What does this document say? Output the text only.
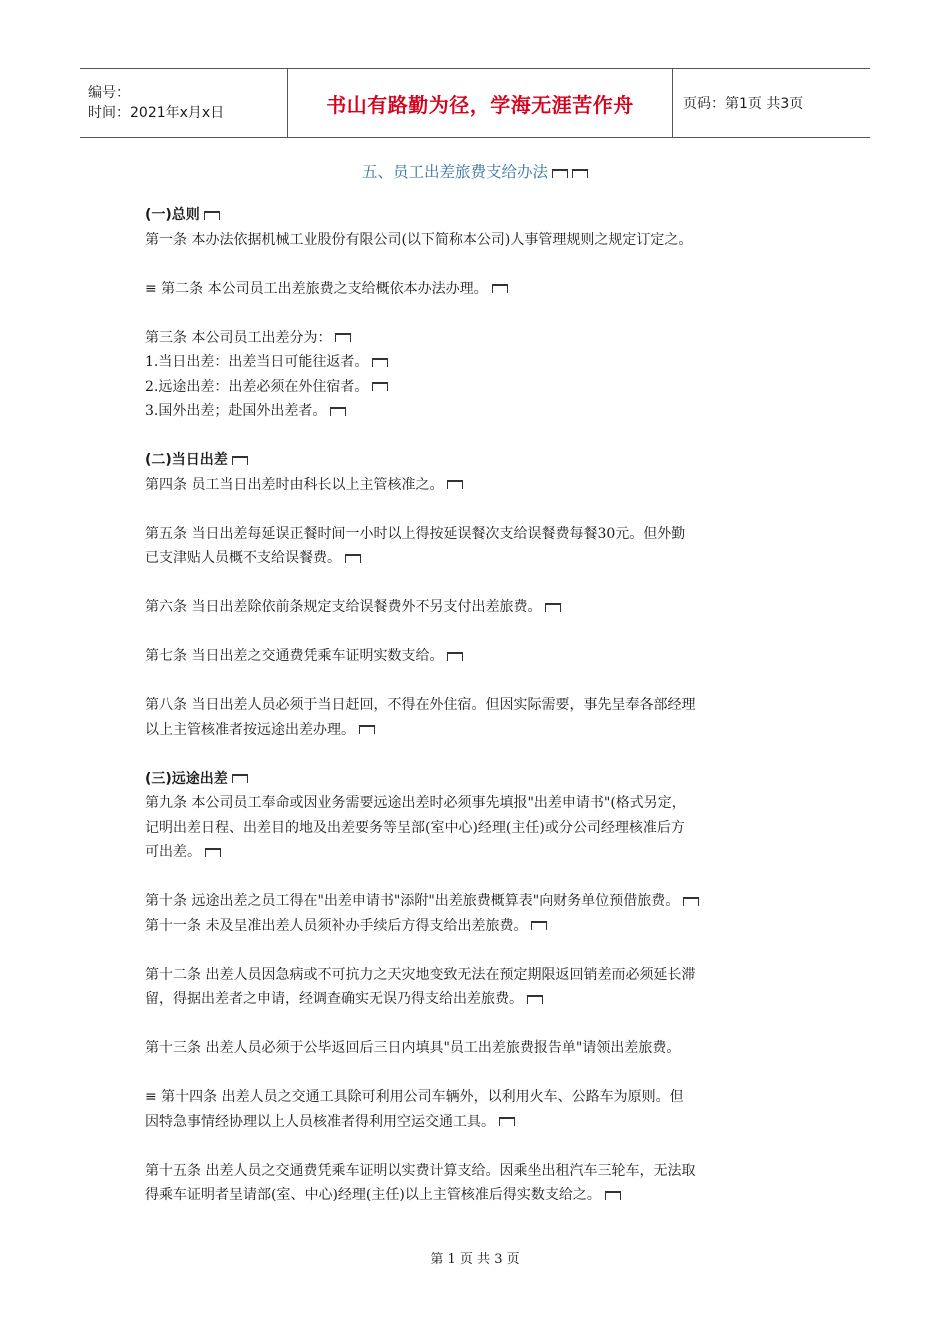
编号：
时间：2021年x月x日	书山有路勤为径，学海无涯苦作舟	页码：第1页 共3页
五、员工出差旅费支给办法
(一)总则
第一条 本办法依据机械工业股份有限公司(以下简称本公司)人事管理规则之规定订定之。
≡ 第二条 本公司员工出差旅费之支给概依本办法办理。
第三条 本公司员工出差分为：
1.当日出差：出差当日可能往返者。
2.远途出差：出差必须在外住宿者。
3.国外出差；赴国外出差者。
(二)当日出差
第四条 员工当日出差时由科长以上主管核准之。
第五条 当日出差每延误正餐时间一小时以上得按延误餐次支给误餐费每餐30元。但外勤
已支津贴人员概不支给误餐费。
第六条 当日出差除依前条规定支给误餐费外不另支付出差旅费。
第七条 当日出差之交通费凭乘车证明实数支给。
第八条 当日出差人员必须于当日赶回，不得在外住宿。但因实际需要，事先呈奉各部经理
以上主管核准者按远途出差办理。
(三)远途出差
第九条 本公司员工奉命或因业务需要远途出差时必须事先填报"出差申请书"(格式另定，
记明出差日程、出差目的地及出差要务等呈部(室中心)经理(主任)或分公司经理核准后方
可出差。
第十条 远途出差之员工得在"出差申请书"添附"出差旅费概算表"向财务单位预借旅费。
第十一条 未及呈准出差人员须补办手续后方得支给出差旅费。
第十二条 出差人员因急病或不可抗力之天灾地变致无法在预定期限返回销差而必须延长滞
留，得据出差者之申请，经调查确实无误乃得支给出差旅费。
第十三条 出差人员必须于公毕返回后三日内填具"员工出差旅费报告单"请领出差旅费。
≡ 第十四条 出差人员之交通工具除可利用公司车辆外，以利用火车、公路车为原则。但
因特急事情经协理以上人员核准者得利用空运交通工具。
第十五条 出差人员之交通费凭乘车证明以实费计算支给。因乘坐出租汽车三轮车，无法取
得乘车证明者呈请部(室、中心)经理(主任)以上主管核准后得实数支给之。
第 1 页 共 3 页
